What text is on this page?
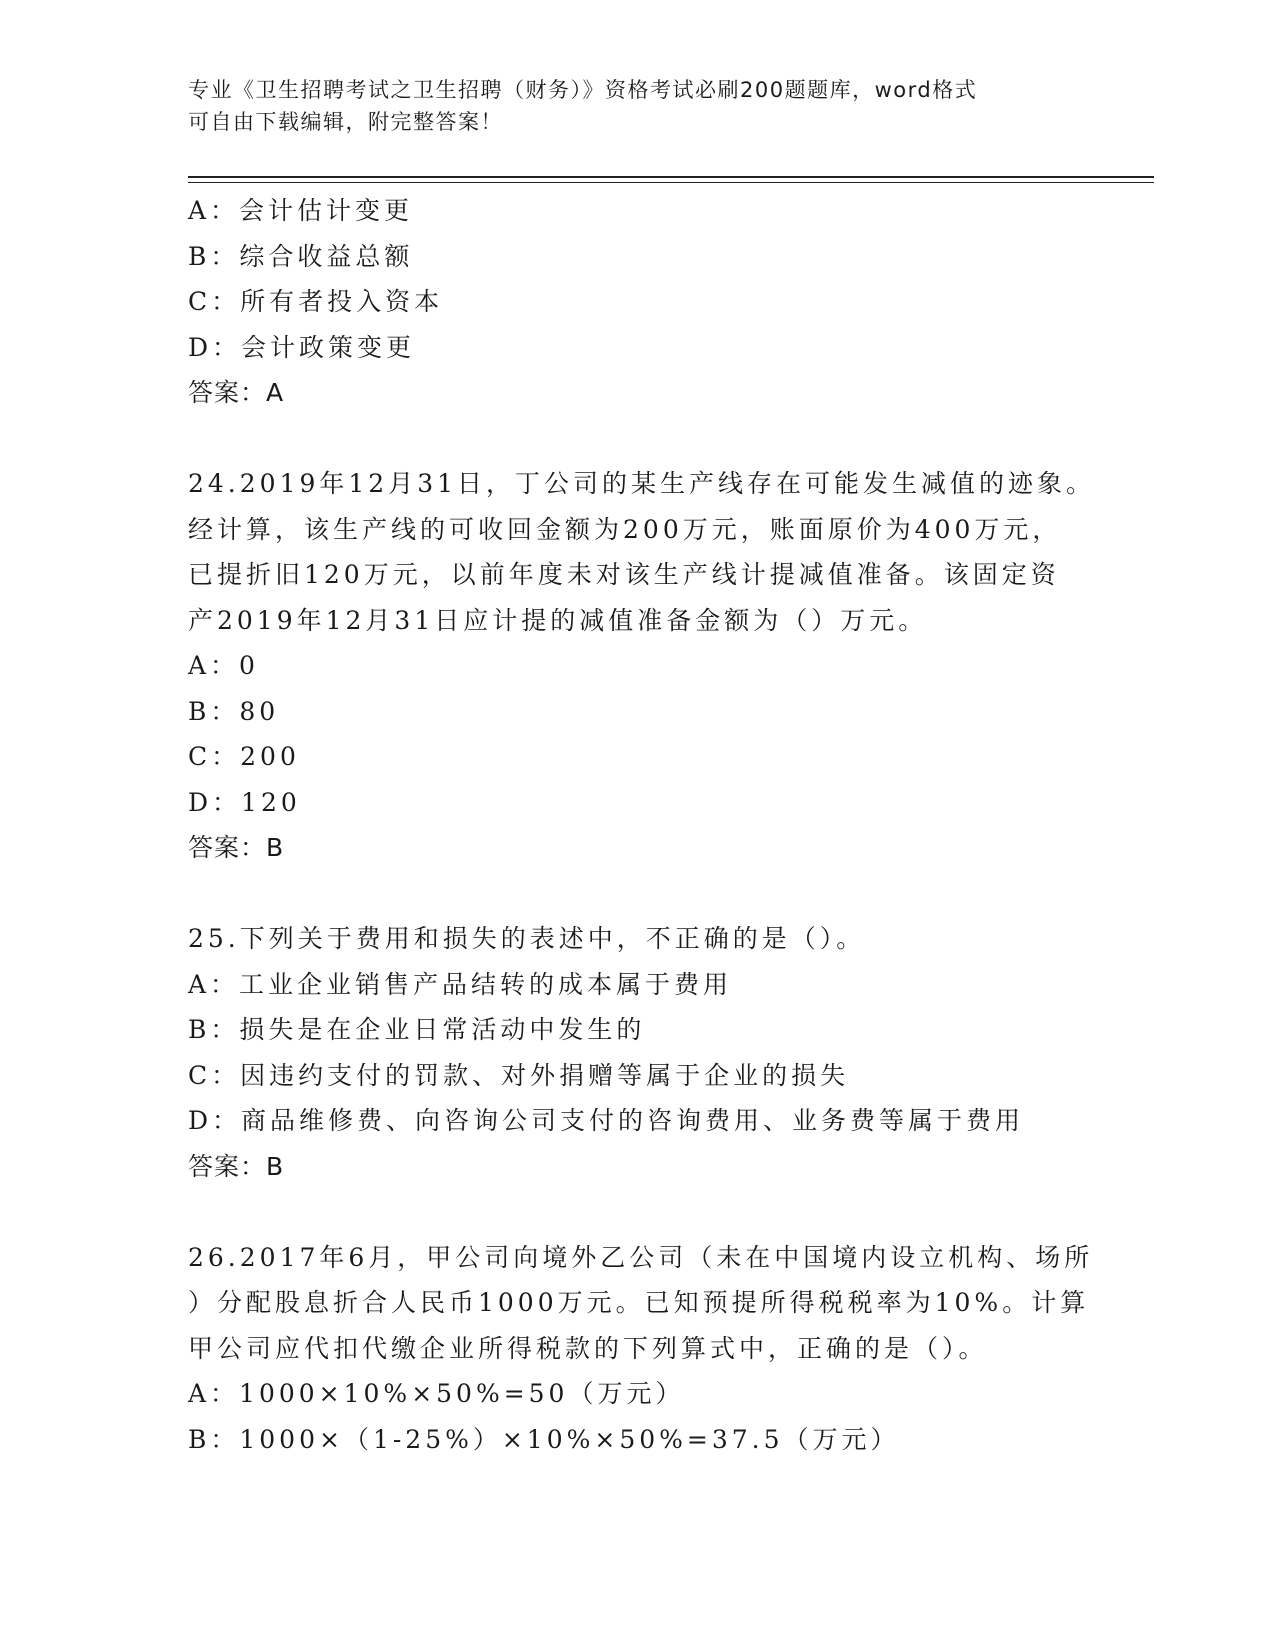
专业《卫生招聘考试之卫生招聘（财务）》资格考试必刷200题题库，word格式

可自由下载编辑，附完整答案！

A：会计估计变更
B：综合收益总额
C：所有者投入资本
D：会计政策变更
答案：A
24.2019年12月31日，丁公司的某生产线存在可能发生减值的迹象。
经计算，该生产线的可收回金额为200万元，账面原价为400万元，
已提折旧120万元，以前年度未对该生产线计提减值准备。该固定资
产2019年12月31日应计提的减值准备金额为（）万元。
A：0
B：80
C：200
D：120
答案：B
25.下列关于费用和损失的表述中，不正确的是（）。
A：工业企业销售产品结转的成本属于费用
B：损失是在企业日常活动中发生的
C：因违约支付的罚款、对外捐赠等属于企业的损失
D：商品维修费、向咨询公司支付的咨询费用、业务费等属于费用
答案：B
26.2017年6月，甲公司向境外乙公司（未在中国境内设立机构、场所
）分配股息折合人民币1000万元。已知预提所得税税率为10%。计算
甲公司应代扣代缴企业所得税款的下列算式中，正确的是（）。
A：1000×10%×50%=50（万元）
B：1000×（1-25%）×10%×50%=37.5（万元）
